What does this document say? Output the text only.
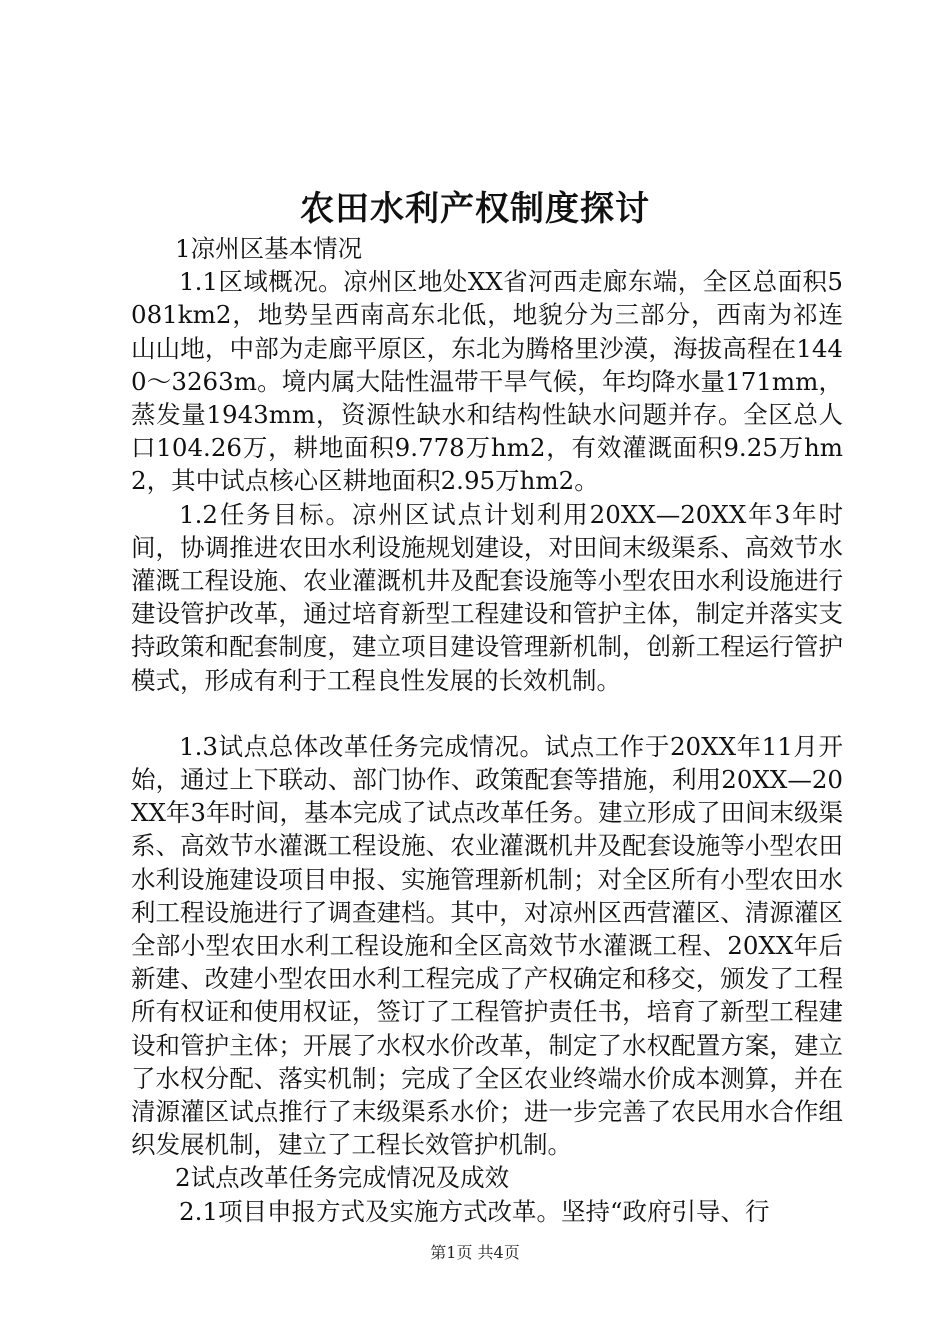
农田水利产权制度探讨

1凉州区基本情况

1.1区域概况。凉州区地处XX省河西走廊东端，全区总面积5081km2，地势呈西南高东北低，地貌分为三部分，西南为祁连山山地，中部为走廊平原区，东北为腾格里沙漠，海拔高程在1440～3263m。境内属大陆性温带干旱气候，年均降水量171mm，蒸发量1943mm，资源性缺水和结构性缺水问题并存。全区总人口104.26万，耕地面积9.778万hm2，有效灌溉面积9.25万hm2，其中试点核心区耕地面积2.95万hm2。

1.2任务目标。凉州区试点计划利用20XX—20XX年3年时间，协调推进农田水利设施规划建设，对田间末级渠系、高效节水灌溉工程设施、农业灌溉机井及配套设施等小型农田水利设施进行建设管护改革，通过培育新型工程建设和管护主体，制定并落实支持政策和配套制度，建立项目建设管理新机制，创新工程运行管护模式，形成有利于工程良性发展的长效机制。

1.3试点总体改革任务完成情况。试点工作于20XX年11月开始，通过上下联动、部门协作、政策配套等措施，利用20XX—20XX年3年时间，基本完成了试点改革任务。建立形成了田间末级渠系、高效节水灌溉工程设施、农业灌溉机井及配套设施等小型农田水利设施建设项目申报、实施管理新机制；对全区所有小型农田水利工程设施进行了调查建档。其中，对凉州区西营灌区、清源灌区全部小型农田水利工程设施和全区高效节水灌溉工程、20XX年后新建、改建小型农田水利工程完成了产权确定和移交，颁发了工程所有权证和使用权证，签订了工程管护责任书，培育了新型工程建设和管护主体；开展了水权水价改革，制定了水权配置方案，建立了水权分配、落实机制；完成了全区农业终端水价成本测算，并在清源灌区试点推行了末级渠系水价；进一步完善了农民用水合作组织发展机制，建立了工程长效管护机制。

2试点改革任务完成情况及成效

2.1项目申报方式及实施方式改革。坚持“政府引导、行

第1页 共4页
